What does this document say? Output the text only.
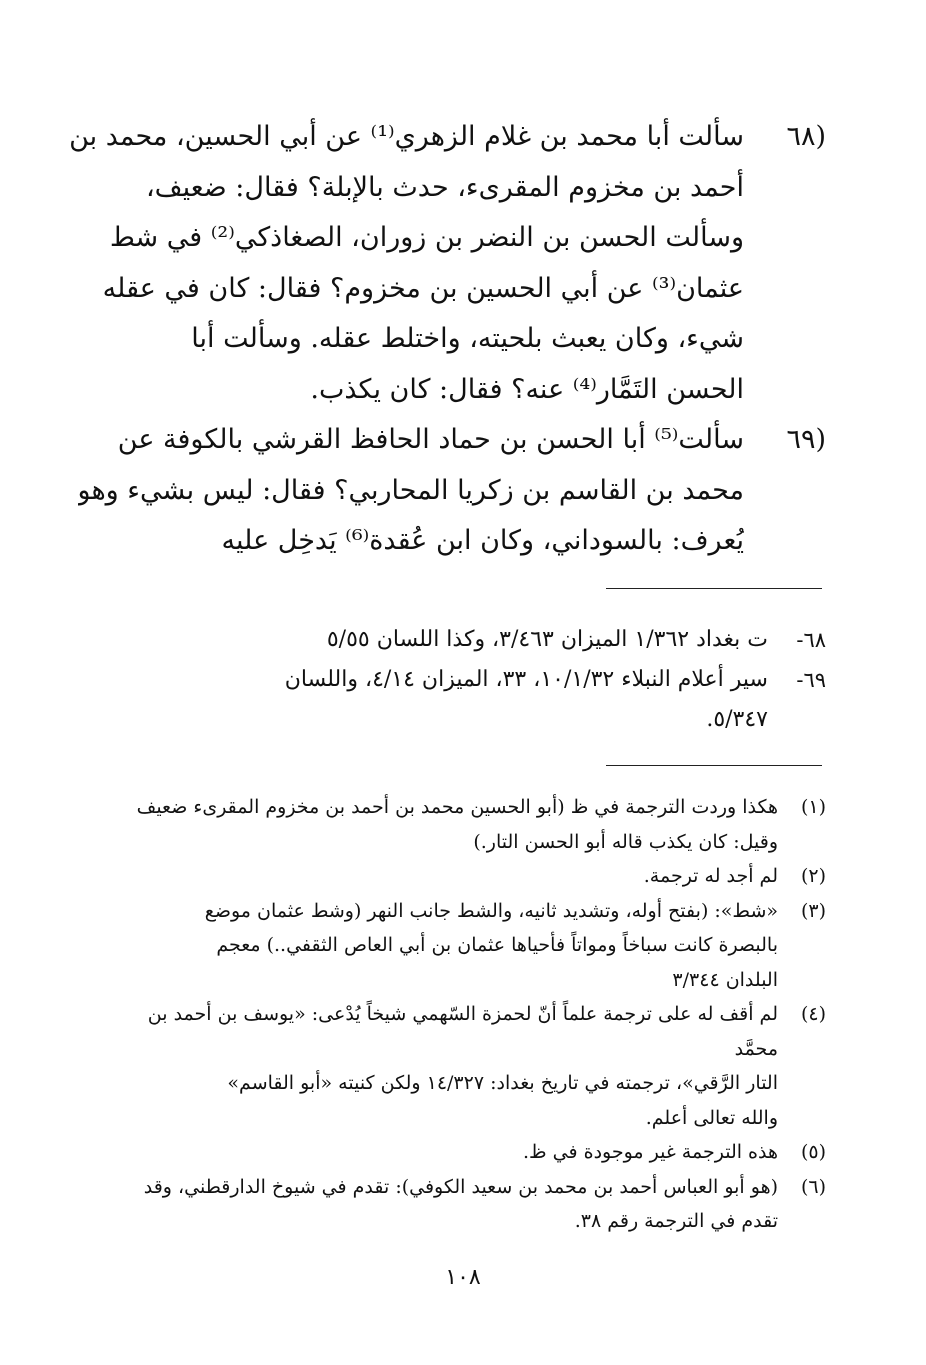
(٦٨
سألت أبا محمد بن غلام الزهري⁽¹⁾ عن أبي الحسين، محمد بن
أحمد بن مخزوم المقرىء، حدث بالإبلة؟ فقال: ضعيف،
وسألت الحسن بن النضر بن زوران، الصغاذكي⁽²⁾ في شط
عثمان⁽³⁾ عن أبي الحسين بن مخزوم؟ فقال: كان في عقله
شيء، وكان يعبث بلحيته، واختلط عقله. وسألت أبا
الحسن التَمَّار⁽⁴⁾ عنه؟ فقال: كان يكذب.
(٦٩
سألت⁽⁵⁾ أبا الحسن بن حماد الحافظ القرشي بالكوفة عن
محمد بن القاسم بن زكريا المحاربي؟ فقال: ليس بشيء وهو
يُعرف: بالسوداني، وكان ابن عُقدة⁽⁶⁾ يَدخِل عليه
٦٨-
ت بغداد ١/٣٦٢ الميزان ٣/٤٦٣، وكذا اللسان ٥/٥٥
٦٩-
سير أعلام النبلاء ١٠/١/٣٢، ٣٣، الميزان ٤/١٤، واللسان
٥/٣٤٧.
(١)
هكذا وردت الترجمة في ظ (أبو الحسين محمد بن أحمد بن مخزوم المقرىء ضعيف
وقيل: كان يكذب قاله أبو الحسن التار.)
(٢)
لم أجد له ترجمة.
(٣)
«شط»: (بفتح أوله، وتشديد ثانيه، والشط جانب النهر (وشط عثمان موضع
بالبصرة كانت سباخاً ومواتاً فأحياها عثمان بن أبي العاص الثقفي..) معجم
البلدان ٣/٣٤٤
(٤)
لم أقف له على ترجمة علماً أنّ لحمزة السّهمي شيخاً يُدْعى: «يوسف بن أحمد بن محمَّد
التار الرَّقي»، ترجمته في تاريخ بغداد: ١٤/٣٢٧ ولكن كنيته «أبو القاسم»
والله تعالى أعلم.
(٥)
هذه الترجمة غير موجودة في ظ.
(٦)
(هو أبو العباس أحمد بن محمد بن سعيد الكوفي): تقدم في شيوخ الدارقطني، وقد
تقدم في الترجمة رقم ٣٨.
١٠٨
